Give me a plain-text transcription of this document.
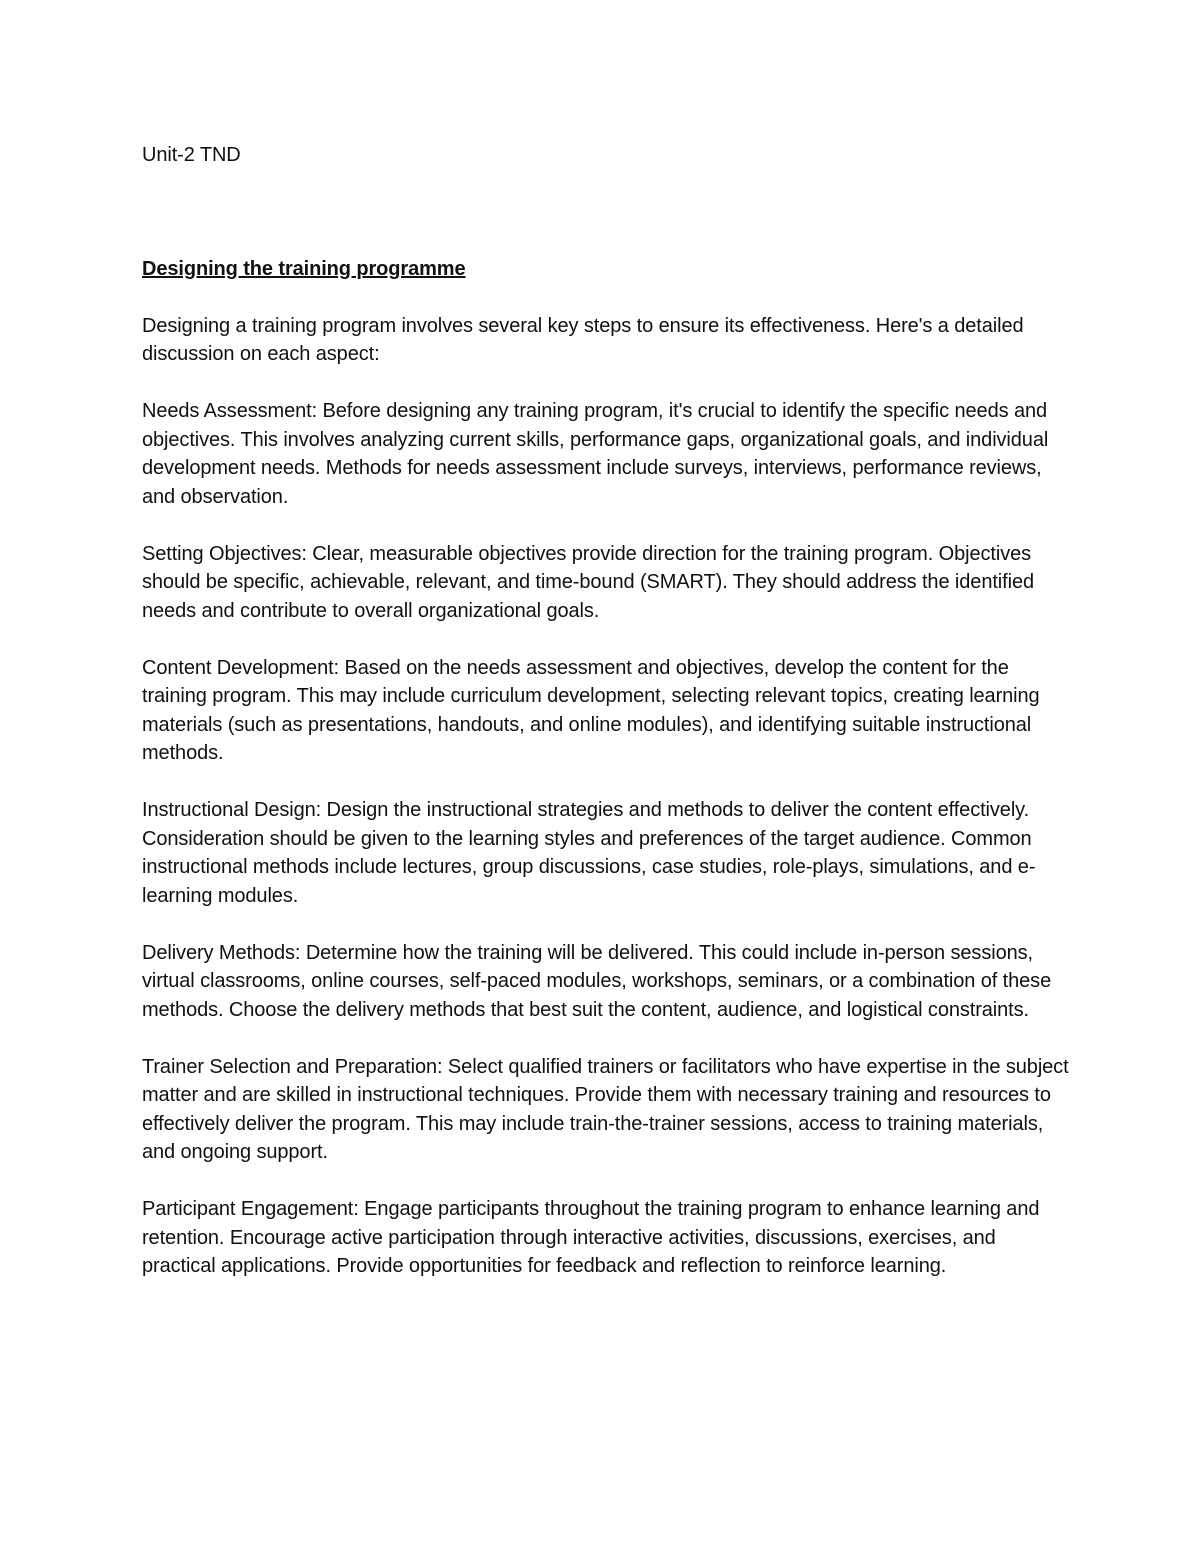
Unit-2 TND

Designing the training programme

Designing a training program involves several key steps to ensure its effectiveness. Here's a detailed discussion on each aspect:

Needs Assessment: Before designing any training program, it's crucial to identify the specific needs and objectives. This involves analyzing current skills, performance gaps, organizational goals, and individual development needs. Methods for needs assessment include surveys, interviews, performance reviews, and observation.

Setting Objectives: Clear, measurable objectives provide direction for the training program. Objectives should be specific, achievable, relevant, and time-bound (SMART). They should address the identified needs and contribute to overall organizational goals.

Content Development: Based on the needs assessment and objectives, develop the content for the training program. This may include curriculum development, selecting relevant topics, creating learning materials (such as presentations, handouts, and online modules), and identifying suitable instructional methods.

Instructional Design: Design the instructional strategies and methods to deliver the content effectively. Consideration should be given to the learning styles and preferences of the target audience. Common instructional methods include lectures, group discussions, case studies, role-plays, simulations, and e-learning modules.

Delivery Methods: Determine how the training will be delivered. This could include in-person sessions, virtual classrooms, online courses, self-paced modules, workshops, seminars, or a combination of these methods. Choose the delivery methods that best suit the content, audience, and logistical constraints.

Trainer Selection and Preparation: Select qualified trainers or facilitators who have expertise in the subject matter and are skilled in instructional techniques. Provide them with necessary training and resources to effectively deliver the program. This may include train-the-trainer sessions, access to training materials, and ongoing support.

Participant Engagement: Engage participants throughout the training program to enhance learning and retention. Encourage active participation through interactive activities, discussions, exercises, and practical applications. Provide opportunities for feedback and reflection to reinforce learning.
